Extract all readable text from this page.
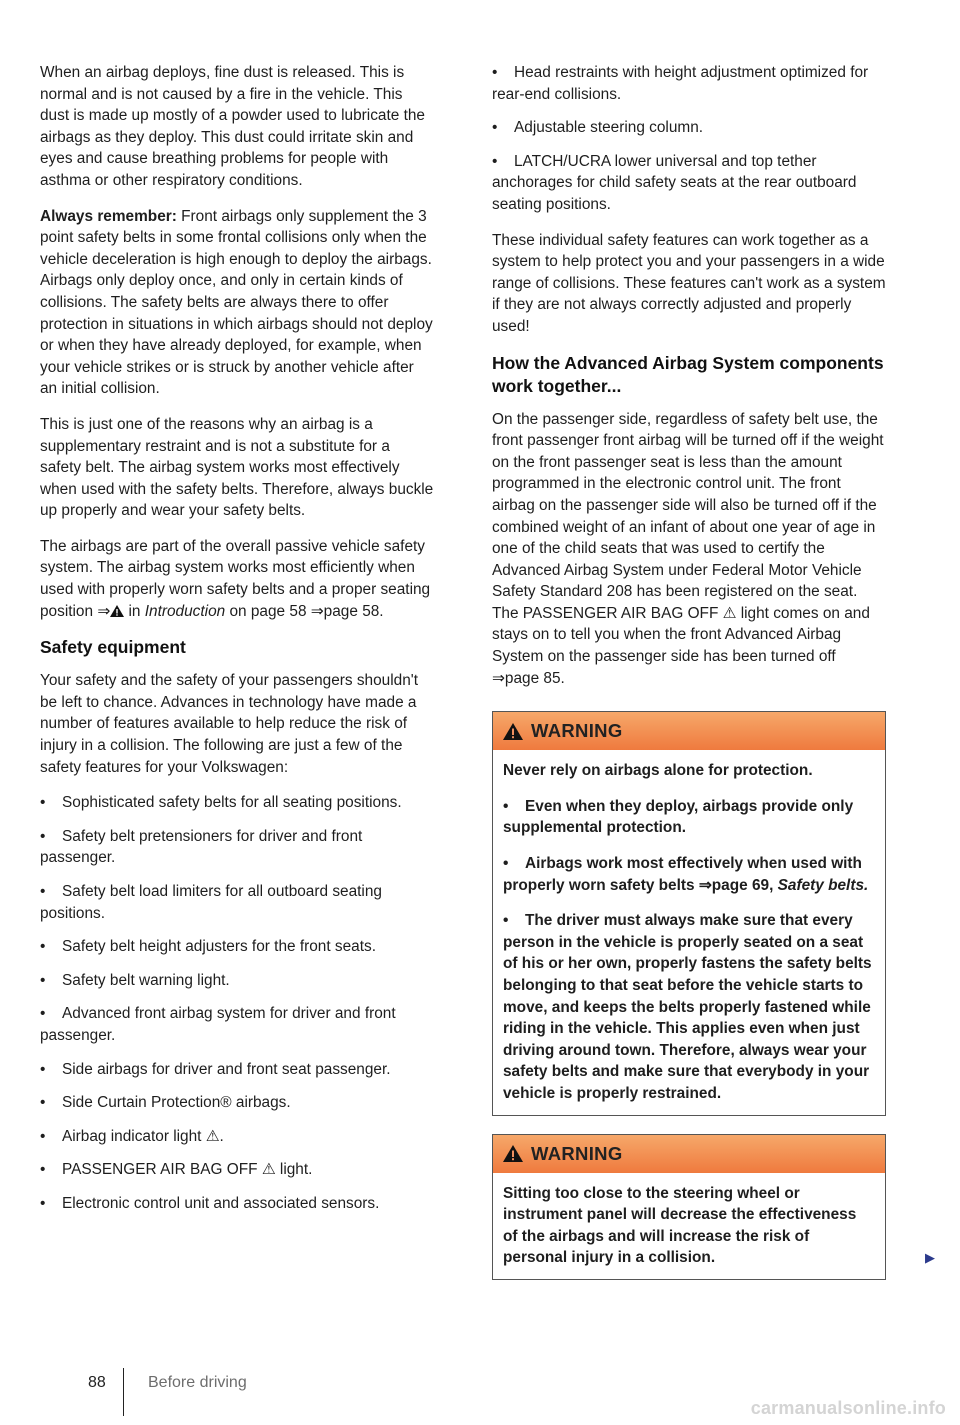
When an airbag deploys, fine dust is released. This is normal and is not caused by a fire in the vehicle. This dust is made up mostly of a powder used to lubricate the airbags as they deploy. This dust could irritate skin and eyes and cause breathing problems for people with asthma or other respiratory conditions.

Always remember: Front airbags only supplement the 3 point safety belts in some frontal collisions only when the vehicle deceleration is high enough to deploy the airbags. Airbags only deploy once, and only in certain kinds of collisions. The safety belts are always there to offer protection in situations in which airbags should not deploy or when they have already deployed, for example, when your vehicle strikes or is struck by another vehicle after an initial collision.

This is just one of the reasons why an airbag is a supplementary restraint and is not a substitute for a safety belt. The airbag system works most effectively when used with the safety belts. Therefore, always buckle up properly and wear your safety belts.

The airbags are part of the overall passive vehicle safety system. The airbag system works most efficiently when used with properly worn safety belts and a proper seating position ⇒ in Introduction on page 58 ⇒page 58.

Safety equipment

Your safety and the safety of your passengers shouldn't be left to chance. Advances in technology have made a number of features available to help reduce the risk of injury in a collision. The following are just a few of the safety features for your Volkswagen:

• Sophisticated safety belts for all seating positions.
• Safety belt pretensioners for driver and front passenger.
• Safety belt load limiters for all outboard seating positions.
• Safety belt height adjusters for the front seats.
• Safety belt warning light.
• Advanced front airbag system for driver and front passenger.
• Side airbags for driver and front seat passenger.
• Side Curtain Protection® airbags.
• Airbag indicator light ⚠.
• PASSENGER AIR BAG OFF ⚠ light.
• Electronic control unit and associated sensors.
• Head restraints with height adjustment optimized for rear-end collisions.
• Adjustable steering column.
• LATCH/UCRA lower universal and top tether anchorages for child safety seats at the rear outboard seating positions.

These individual safety features can work together as a system to help protect you and your passengers in a wide range of collisions. These features can't work as a system if they are not always correctly adjusted and properly used!

How the Advanced Airbag System components work together...

On the passenger side, regardless of safety belt use, the front passenger front airbag will be turned off if the weight on the front passenger seat is less than the amount programmed in the electronic control unit. The front airbag on the passenger side will also be turned off if the combined weight of an infant of about one year of age in one of the child seats that was used to certify the Advanced Airbag System under Federal Motor Vehicle Safety Standard 208 has been registered on the seat. The PASSENGER AIR BAG OFF ⚠ light comes on and stays on to tell you when the front Advanced Airbag System on the passenger side has been turned off ⇒page 85.

WARNING

Never rely on airbags alone for protection.

• Even when they deploy, airbags provide only supplemental protection.
• Airbags work most effectively when used with properly worn safety belts ⇒page 69, Safety belts.
• The driver must always make sure that every person in the vehicle is properly seated on a seat of his or her own, properly fastens the safety belts belonging to that seat before the vehicle starts to move, and keeps the belts properly fastened while riding in the vehicle. This applies even when just driving around town. Therefore, always wear your safety belts and make sure that everybody in your vehicle is properly restrained.
WARNING

Sitting too close to the steering wheel or instrument panel will decrease the effectiveness of the airbags and will increase the risk of personal injury in a collision.	▶
88	Before driving
carmanualsonline.info
